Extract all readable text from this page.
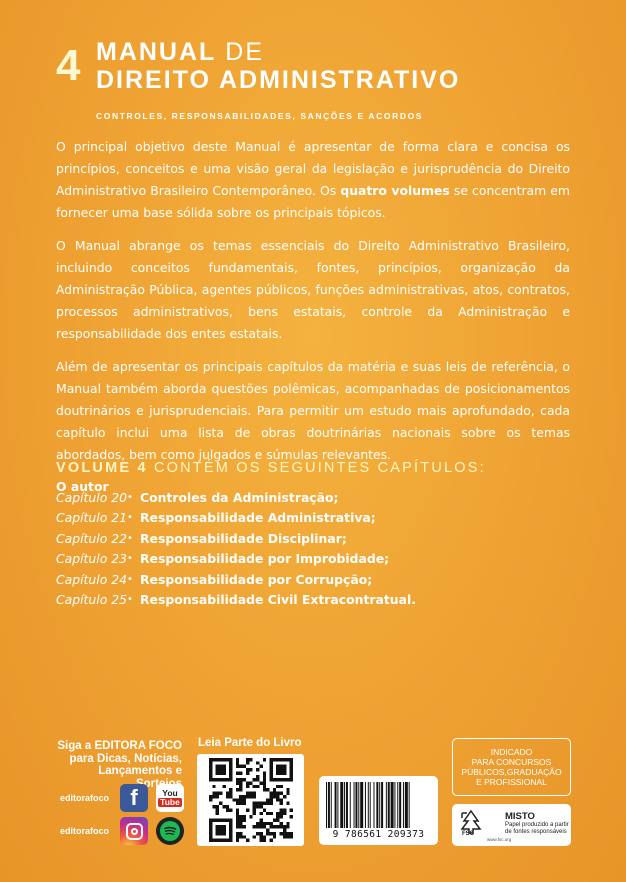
4 MANUAL DE
DIREITO ADMINISTRATIVO
CONTROLES, RESPONSABILIDADES, SANÇÕES E ACORDOS

O principal objetivo deste Manual é apresentar de forma clara e concisa os princípios, conceitos e uma visão geral da legislação e jurisprudência do Direito Administrativo Brasileiro Contemporâneo. Os quatro volumes se concentram em fornecer uma base sólida sobre os principais tópicos.

O Manual abrange os temas essenciais do Direito Administrativo Brasileiro, incluindo conceitos fundamentais, fontes, princípios, organização da Administração Pública, agentes públicos, funções administrativas, atos, contratos, processos administrativos, bens estatais, controle da Administração e responsabilidade dos entes estatais.

Além de apresentar os principais capítulos da matéria e suas leis de referência, o Manual também aborda questões polêmicas, acompanhadas de posicionamentos doutrinários e jurisprudenciais. Para permitir um estudo mais aprofundado, cada capítulo inclui uma lista de obras doutrinárias nacionais sobre os temas abordados, bem como julgados e súmulas relevantes.

O autor

VOLUME 4 CONTÉM OS SEGUINTES CAPÍTULOS:
Capítulo 20 • Controles da Administração;
Capítulo 21 • Responsabilidade Administrativa;
Capítulo 22 • Responsabilidade Disciplinar;
Capítulo 23 • Responsabilidade por Improbidade;
Capítulo 24 • Responsabilidade por Corrupção;
Capítulo 25 • Responsabilidade Civil Extracontratual.
Siga a EDITORA FOCO
para Dicas, Notícias,
Lançamentos e
editorafoco f	You
Tube
editorafoco
Leia Parte do Livro
9 786561 209373
INDICADO
PARA CONCURSOS
PÚBLICOS,GRADUAÇÃO
E PROFISSIONAL
FSC
MISTO
Papel produzido a partir de fontes responsáveis
www.fsc.org
